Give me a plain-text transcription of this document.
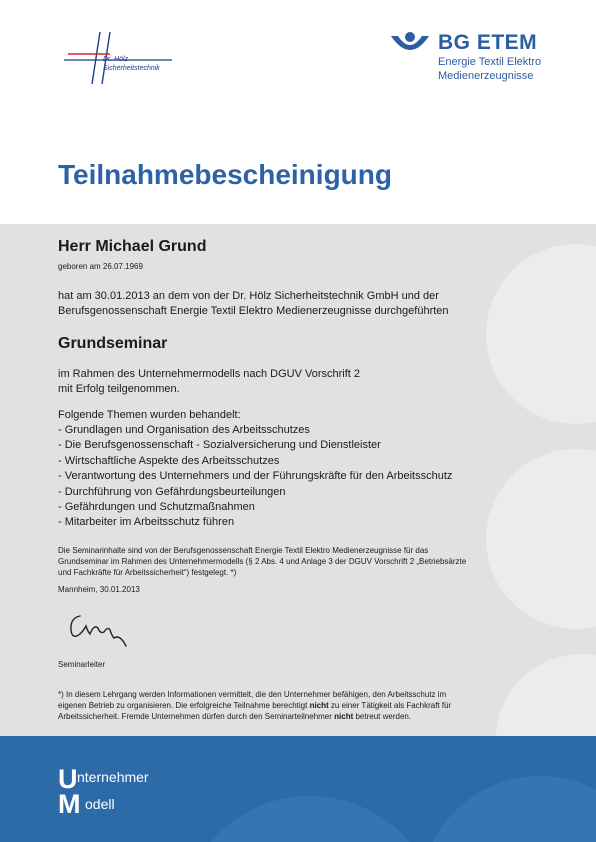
Dr. Hölz
Sicherheitstechnik
BG ETEM
Energie Textil Elektro
Medienerzeugnisse
Teilnahmebescheinigung
Herr Michael Grund
geboren am 26.07.1969
hat am 30.01.2013 an dem von der Dr. Hölz Sicherheitstechnik GmbH und der
Berufsgenossenschaft Energie Textil Elektro Medienerzeugnisse durchgeführten
Grundseminar
im Rahmen des Unternehmermodells nach DGUV Vorschrift 2
mit Erfolg teilgenommen.
Folgende Themen wurden behandelt:
- Grundlagen und Organisation des Arbeitsschutzes
- Die Berufsgenossenschaft - Sozialversicherung und Dienstleister
- Wirtschaftliche Aspekte des Arbeitsschutzes
- Verantwortung des Unternehmers und der Führungskräfte für den Arbeitsschutz
- Durchführung von Gefährdungsbeurteilungen
- Gefährdungen und Schutzmaßnahmen
- Mitarbeiter im Arbeitsschutz führen
Die Seminarinhalte sind von der Berufsgenossenschaft Energie Textil Elektro Medienerzeugnisse für das
Grundseminar im Rahmen des Unternehmermodells (§ 2 Abs. 4 und Anlage 3 der DGUV Vorschrift 2 „Betriebsärzte
und Fachkräfte für Arbeitssicherheit“) festgelegt. *)
Mannheim, 30.01.2013
Seminarleiter
*) In diesem Lehrgang werden Informationen vermittelt, die den Unternehmer befähigen, den Arbeitsschutz im
eigenen Betrieb zu organisieren. Die erfolgreiche Teilnahme berechtigt nicht zu einer Tätigkeit als Fachkraft für
Arbeitssicherheit. Fremde Unternehmen dürfen durch den Seminarteilnehmer nicht betreut werden.
U nternehmer
M odell
